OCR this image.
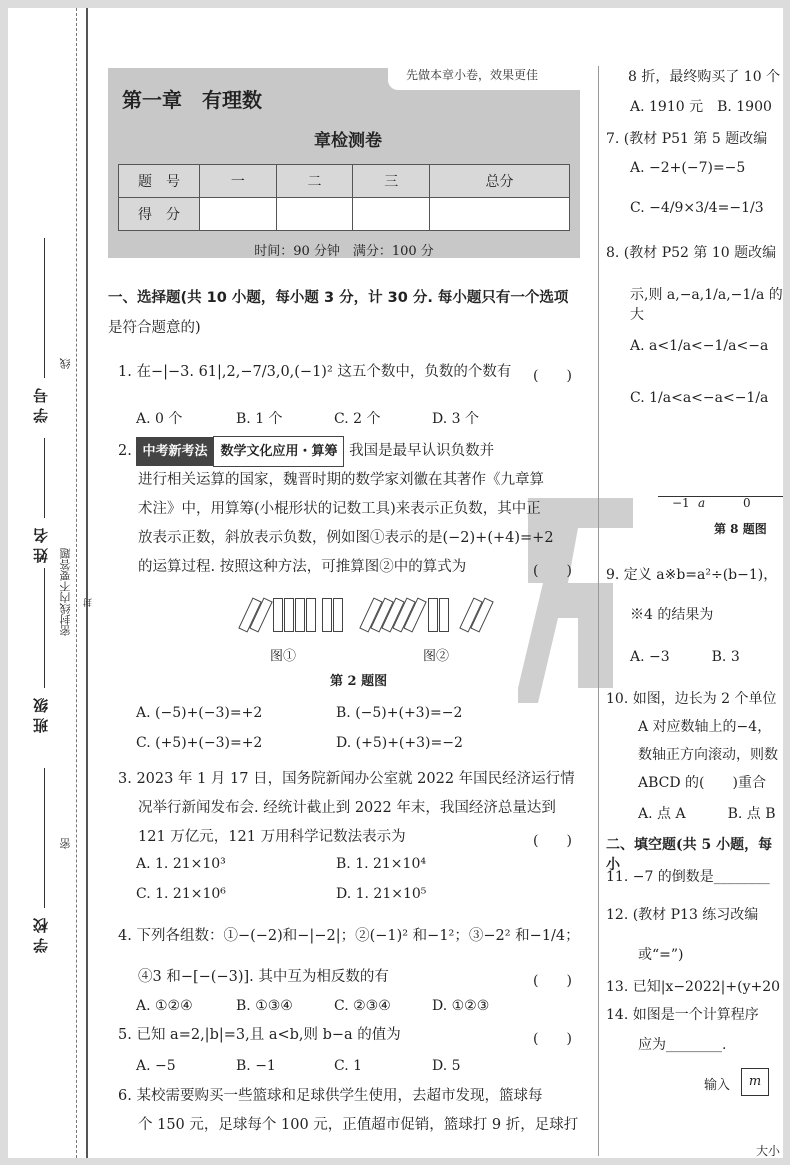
学 校
班 级
姓 名
学 号
密封线内不要答题
密
封
线
先做本章小卷，效果更佳
第一章　有理数
章检测卷
题　号	一	二	三	总分
得　分				
时间：90 分钟　满分：100 分
一、选择题(共 10 小题，每小题 3 分，计 30 分. 每小题只有一个选项
是符合题意的)
1. 在−|−3. 61|,2,−7/3,0,(−1)² 这五个数中，负数的个数有 (　　)
A. 0 个	B. 1 个	C. 2 个	D. 3 个
2. 中考新考法 数学文化应用・算筹 我国是最早认识负数并
进行相关运算的国家，魏晋时期的数学家刘徽在其著作《九章算
术注》中，用算筹(小棍形状的记数工具)来表示正负数，其中正
放表示正数，斜放表示负数，例如图①表示的是(−2)+(+4)=+2
的运算过程. 按照这种方法，可推算图②中的算式为	(　　)
图①	图②
第 2 题图
A. (−5)+(−3)=+2	B. (−5)+(+3)=−2
C. (+5)+(−3)=+2	D. (+5)+(+3)=−2
3. 2023 年 1 月 17 日，国务院新闻办公室就 2022 年国民经济运行情
况举行新闻发布会. 经统计截止到 2022 年末，我国经济总量达到
121 万亿元，121 万用科学记数法表示为	(　　)
A. 1. 21×10³	B. 1. 21×10⁴
C. 1. 21×10⁶	D. 1. 21×10⁵
4. 下列各组数：①−(−2)和−|−2|；②(−1)² 和−1²；③−2² 和−1/4；
④3 和−[−(−3)]. 其中互为相反数的有	(　　)
A. ①②④	B. ①③④	C. ②③④	D. ①②③
5. 已知 a=2,|b|=3,且 a<b,则 b−a 的值为	(　　)
A. −5	B. −1	C. 1	D. 5
6. 某校需要购买一些篮球和足球供学生使用，去超市发现，篮球每
个 150 元，足球每个 100 元，正值超市促销，篮球打 9 折，足球打
8 折，最终购买了 10 个
A. 1910 元　B. 1900
7. (教材 P51 第 5 题改编
A. −2+(−7)=−5
C. −4/9×3/4=−1/3
8. (教材 P52 第 10 题改编
示,则 a,−a,1/a,−1/a 的大
A. a<1/a<−1/a<−a
C. 1/a<a<−a<−1/a
−1 a	0
第 8 题图
9. 定义 a※b=a²÷(b−1)，
※4 的结果为
A. −3　　　B. 3
10. 如图，边长为 2 个单位
A 对应数轴上的−4，
数轴正方向滚动，则数
ABCD 的(　　)重合
A. 点 A　　　B. 点 B
二、填空题(共 5 小题，每小
11. −7 的倒数是________
12. (教材 P13 练习改编
或“=”)
13. 已知|x−2022|+(y+20
14. 如图是一个计算程序
应为________.
输入	m
大小
